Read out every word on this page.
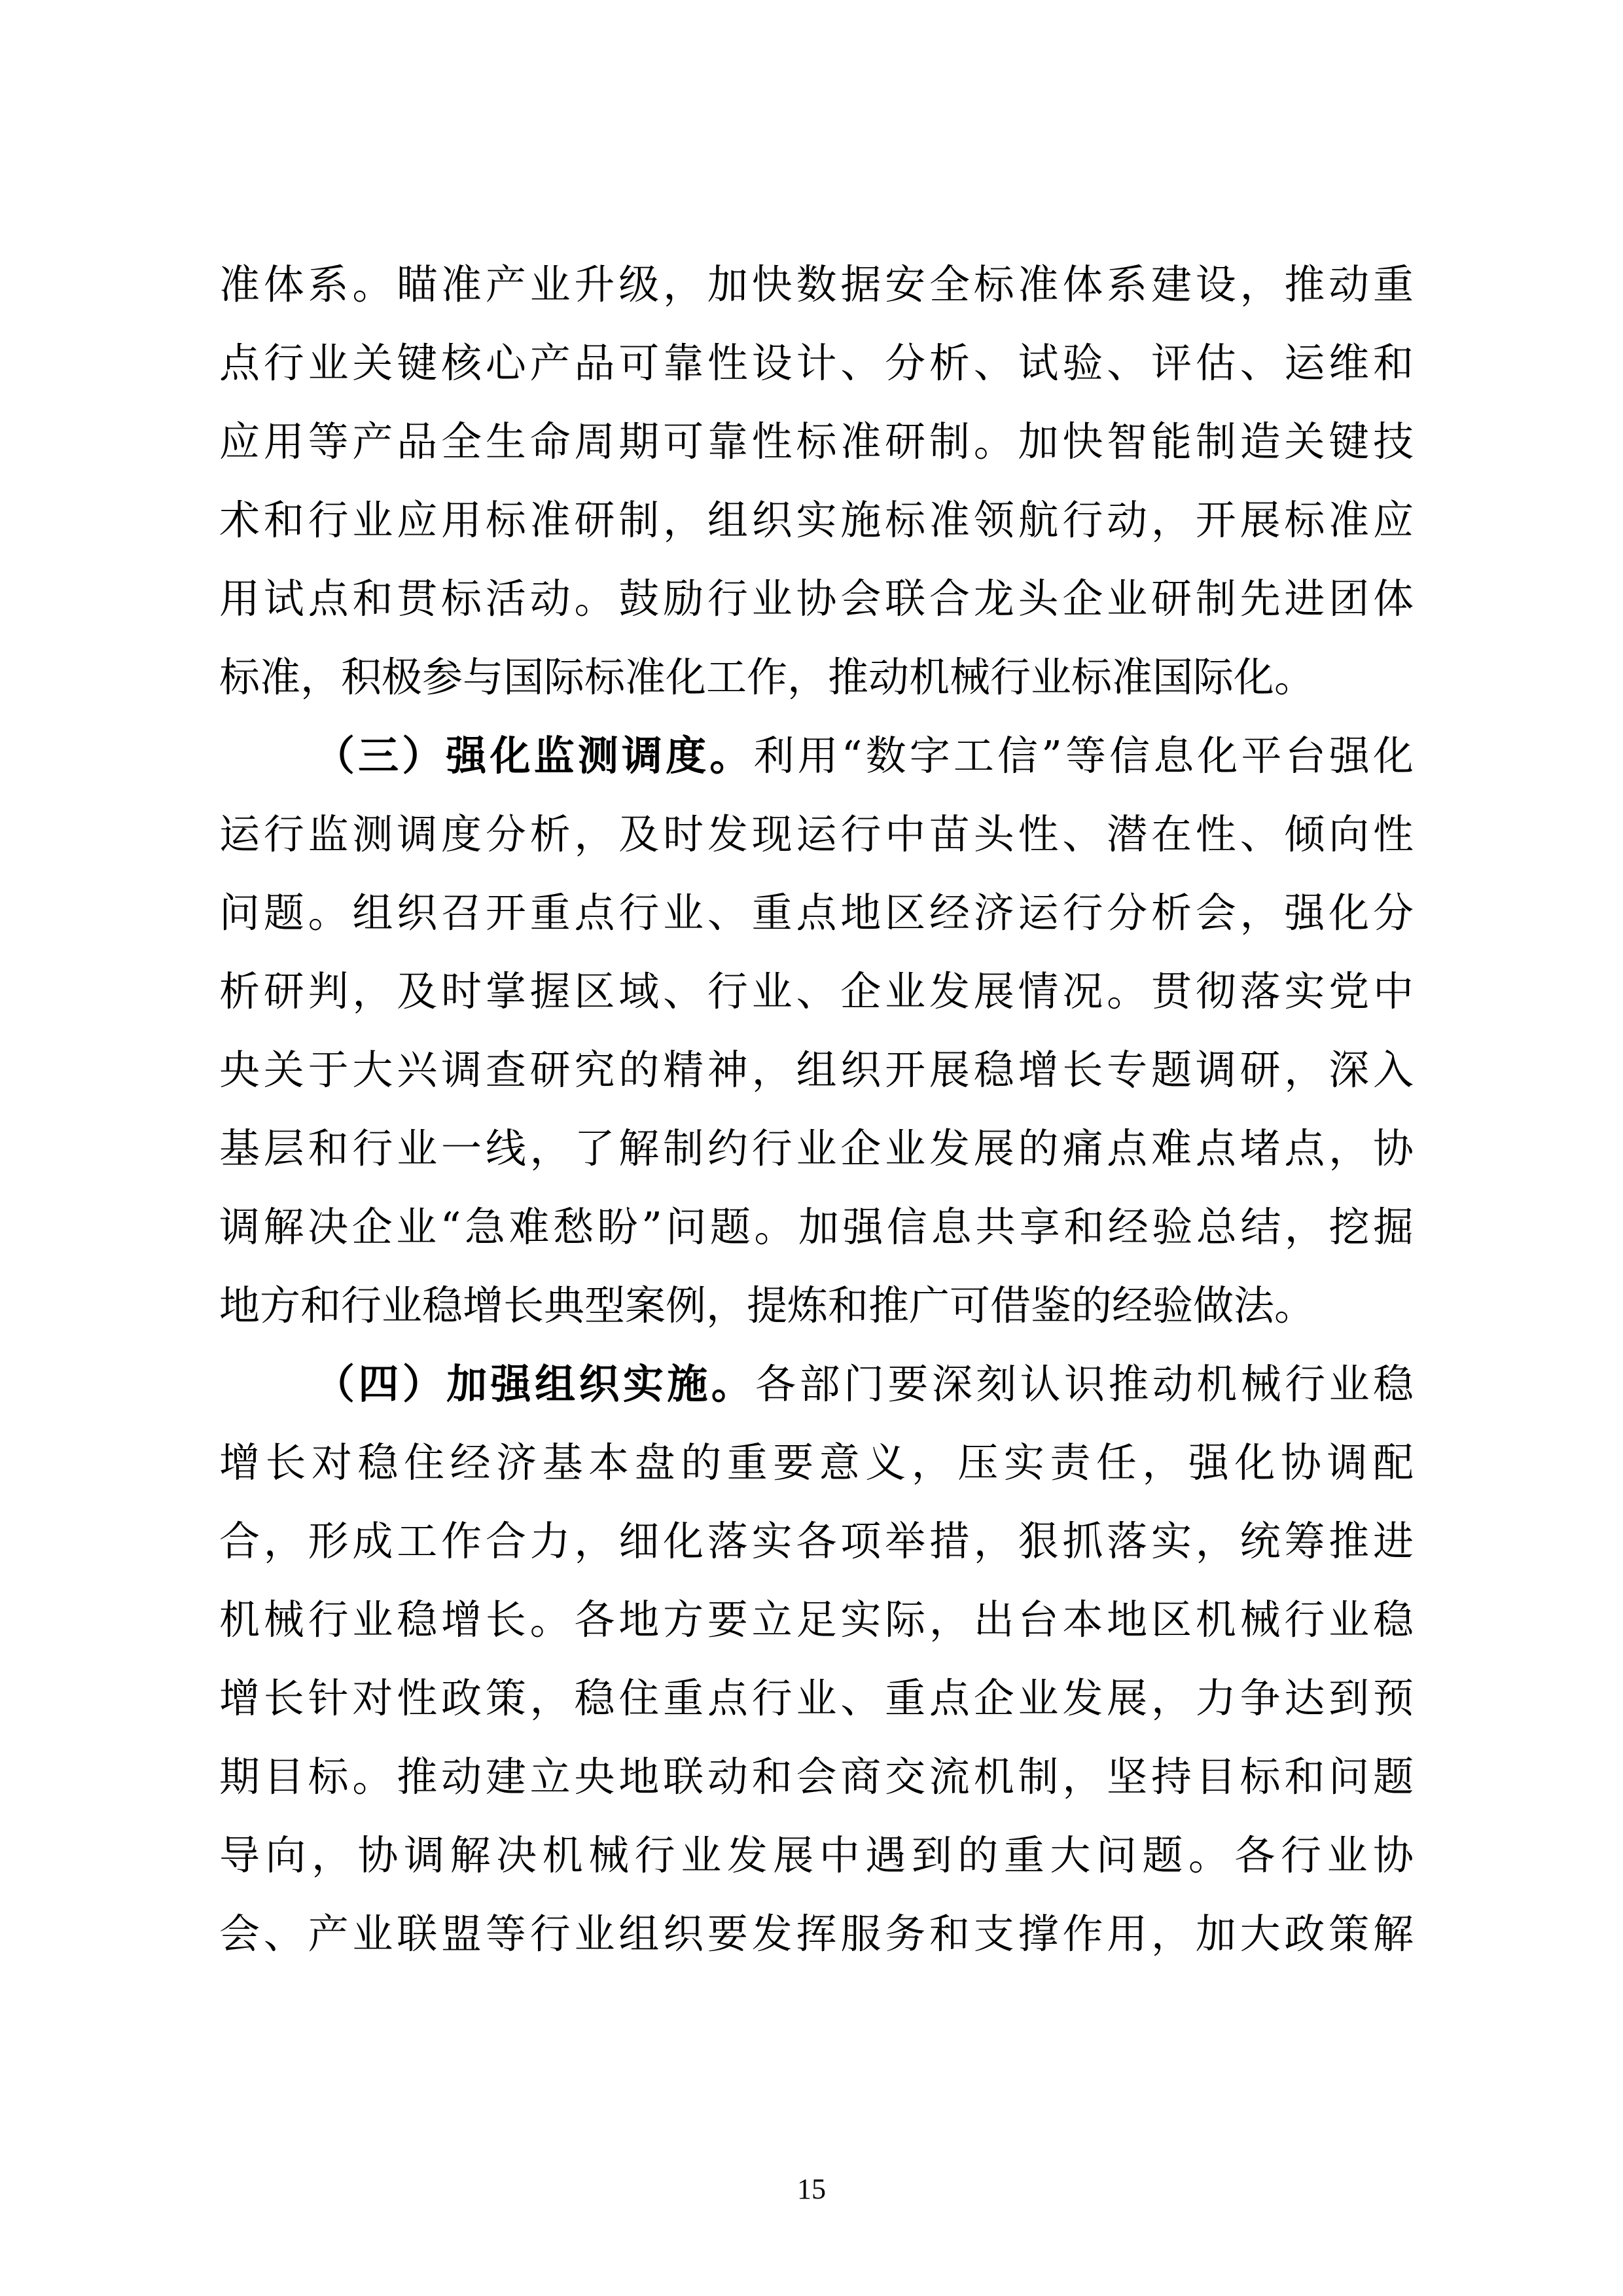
准体系。瞄准产业升级，加快数据安全标准体系建设，推动重
点行业关键核心产品可靠性设计、分析、试验、评估、运维和
应用等产品全生命周期可靠性标准研制。加快智能制造关键技
术和行业应用标准研制，组织实施标准领航行动，开展标准应
用试点和贯标活动。鼓励行业协会联合龙头企业研制先进团体
标准，积极参与国际标准化工作，推动机械行业标准国际化。
（三）强化监测调度。利用“数字工信”等信息化平台强化
运行监测调度分析，及时发现运行中苗头性、潜在性、倾向性
问题。组织召开重点行业、重点地区经济运行分析会，强化分
析研判，及时掌握区域、行业、企业发展情况。贯彻落实党中
央关于大兴调查研究的精神，组织开展稳增长专题调研，深入
基层和行业一线，了解制约行业企业发展的痛点难点堵点，协
调解决企业“急难愁盼”问题。加强信息共享和经验总结，挖掘
地方和行业稳增长典型案例，提炼和推广可借鉴的经验做法。
（四）加强组织实施。各部门要深刻认识推动机械行业稳
增长对稳住经济基本盘的重要意义，压实责任，强化协调配
合，形成工作合力，细化落实各项举措，狠抓落实，统筹推进
机械行业稳增长。各地方要立足实际，出台本地区机械行业稳
增长针对性政策，稳住重点行业、重点企业发展，力争达到预
期目标。推动建立央地联动和会商交流机制，坚持目标和问题
导向，协调解决机械行业发展中遇到的重大问题。各行业协
会、产业联盟等行业组织要发挥服务和支撑作用，加大政策解
15
